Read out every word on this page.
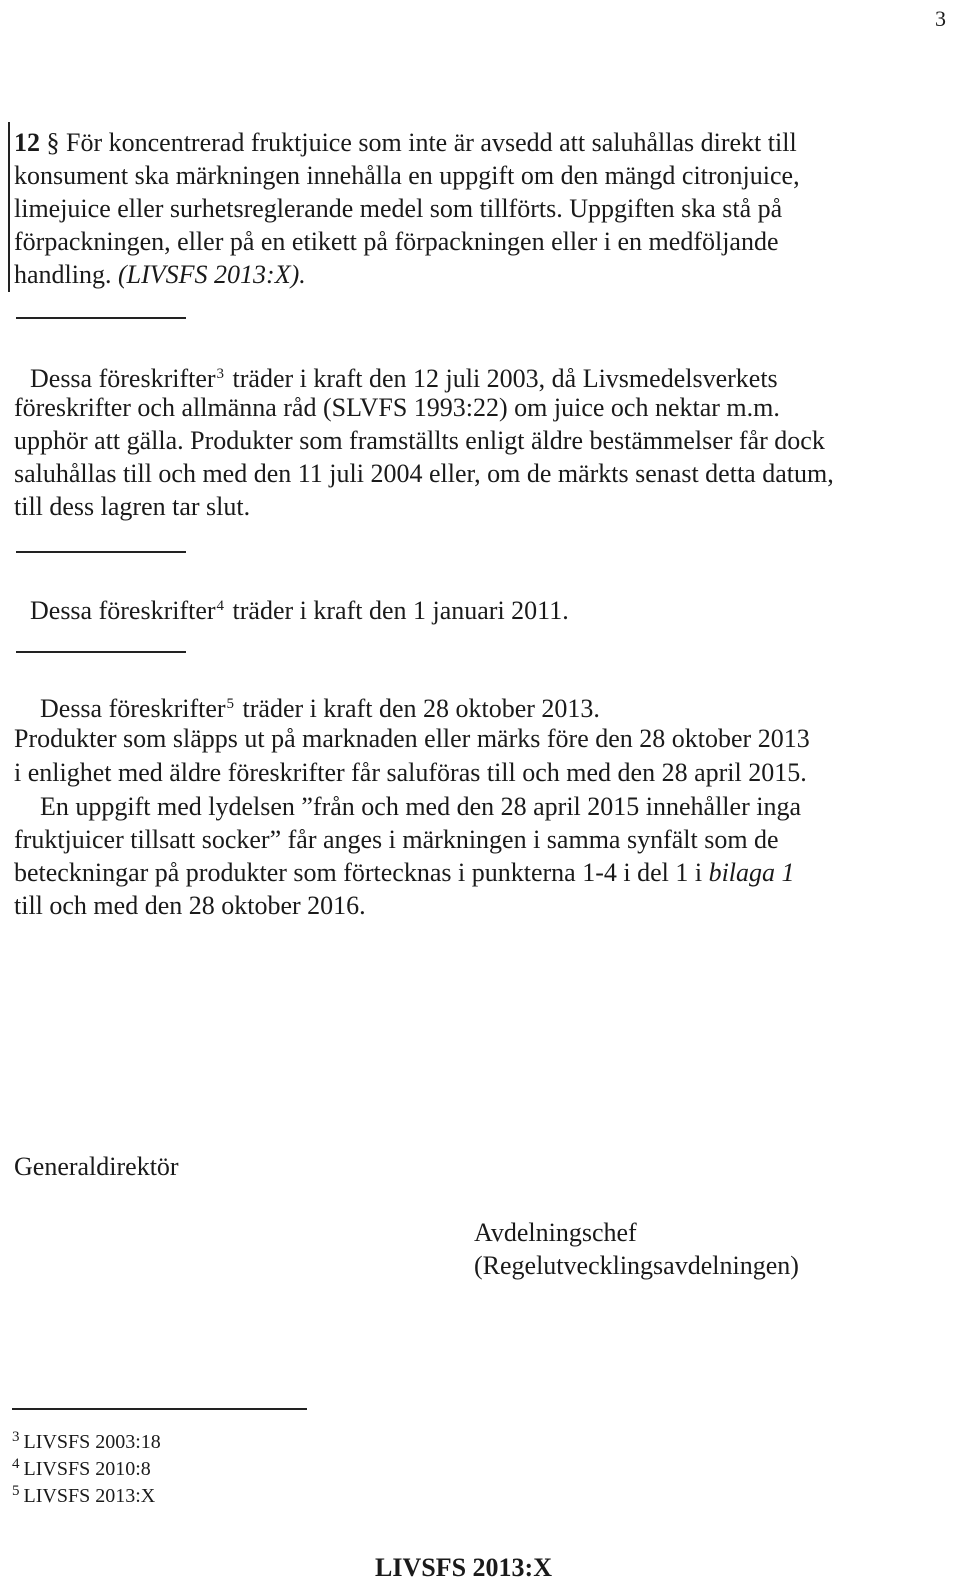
3
12 § För koncentrerad fruktjuice som inte är avsedd att saluhållas direkt till
konsument ska märkningen innehålla en uppgift om den mängd citronjuice,
limejuice eller surhetsreglerande medel som tillförts. Uppgiften ska stå på
förpackningen, eller på en etikett på förpackningen eller i en medföljande
handling. (LIVSFS 2013:X).
Dessa föreskrifter$^3$ träder i kraft den 12 juli 2003, då Livsmedelsverkets
föreskrifter och allmänna råd (SLVFS 1993:22) om juice och nektar m.m.
upphör att gälla. Produkter som framställts enligt äldre bestämmelser får dock
saluhållas till och med den 11 juli 2004 eller, om de märkts senast detta datum,
till dess lagren tar slut.
Dessa föreskrifter$^4$ träder i kraft den 1 januari 2011.
Dessa föreskrifter$^5$ träder i kraft den 28 oktober 2013.
Produkter som släpps ut på marknaden eller märks före den 28 oktober 2013
i enlighet med äldre föreskrifter får saluföras till och med den 28 april 2015.
En uppgift med lydelsen ”från och med den 28 april 2015 innehåller inga
fruktjuicer tillsatt socker” får anges i märkningen i samma synfält som de
beteckningar på produkter som förtecknas i punkterna 1-4 i del 1 i bilaga 1
till och med den 28 oktober 2016.
Generaldirektör
Avdelningschef
(Regelutvecklingsavdelningen)
$^3$ LIVSFS 2003:18
$^4$ LIVSFS 2010:8
$^5$ LIVSFS 2013:X
LIVSFS 2013:X
